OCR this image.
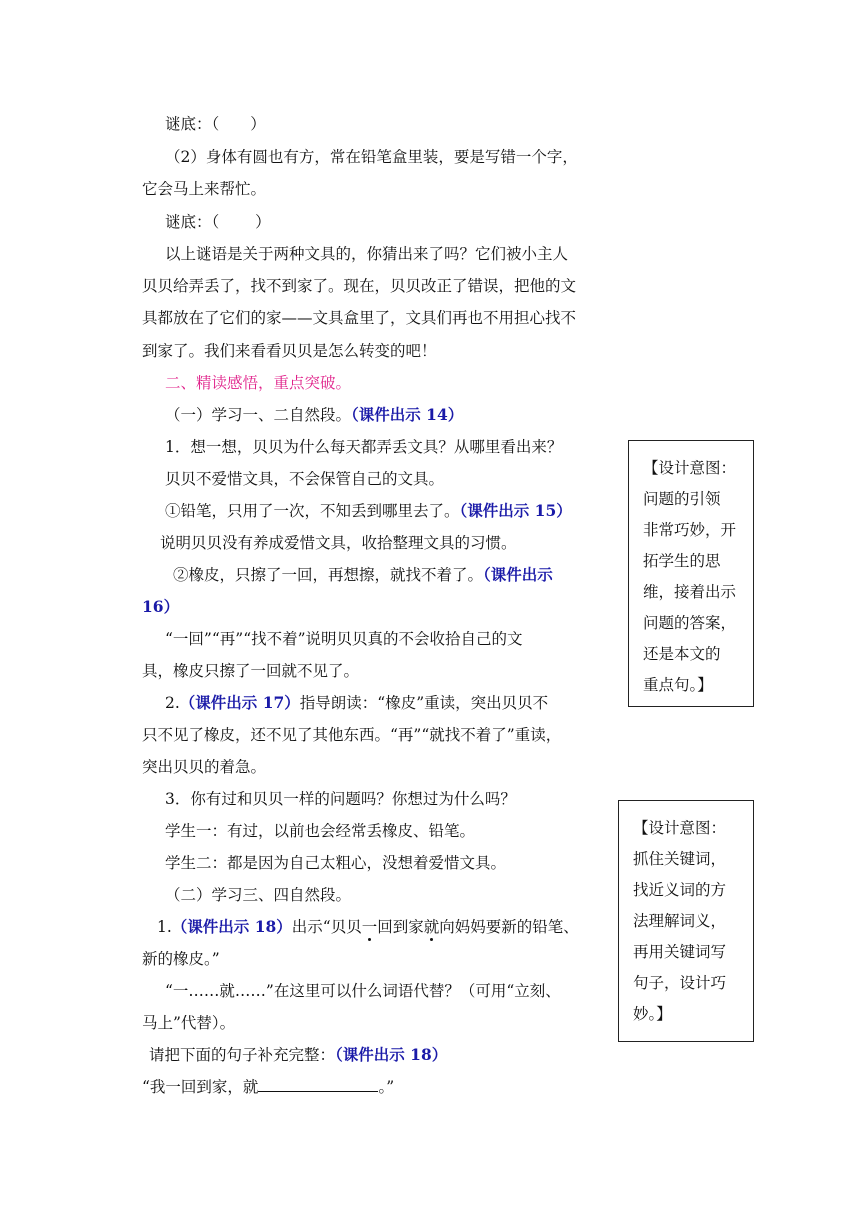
谜底：（　　）
（2）身体有圆也有方，常在铅笔盒里装，要是写错一个字，
它会马上来帮忙。
谜底：（　　 ）
以上谜语是关于两种文具的，你猜出来了吗？它们被小主人
贝贝给弄丢了，找不到家了。现在，贝贝改正了错误，把他的文
具都放在了它们的家——文具盒里了，文具们再也不用担心找不
到家了。我们来看看贝贝是怎么转变的吧！
二、精读感悟，重点突破。
（一）学习一、二自然段。（课件出示 14）
1．想一想，贝贝为什么每天都弄丢文具？从哪里看出来？
贝贝不爱惜文具，不会保管自己的文具。
①铅笔，只用了一次，不知丢到哪里去了。（课件出示 15）
说明贝贝没有养成爱惜文具，收拾整理文具的习惯。
②橡皮，只擦了一回，再想擦，就找不着了。（课件出示
16）
“一回”“再”“找不着”说明贝贝真的不会收拾自己的文
具，橡皮只擦了一回就不见了。
2.（课件出示 17）指导朗读：“橡皮”重读，突出贝贝不
只不见了橡皮，还不见了其他东西。“再”“就找不着了”重读，
突出贝贝的着急。
3．你有过和贝贝一样的问题吗？你想过为什么吗？
学生一：有过，以前也会经常丢橡皮、铅笔。
学生二：都是因为自己太粗心，没想着爱惜文具。
（二）学习三、四自然段。
1.（课件出示 18）出示“贝贝一回到家就向妈妈要新的铅笔、
新的橡皮。”
“一……就……”在这里可以什么词语代替？（可用“立刻、
马上”代替）。
请把下面的句子补充完整：（课件出示 18）
“我一回到家，就	。”
【设计意图：
问题的引领
非常巧妙，开
拓学生的思
维，接着出示
问题的答案，
还是本文的
重点句。】
【设计意图：
抓住关键词，
找近义词的方
法理解词义，
再用关键词写
句子，设计巧
妙。】
